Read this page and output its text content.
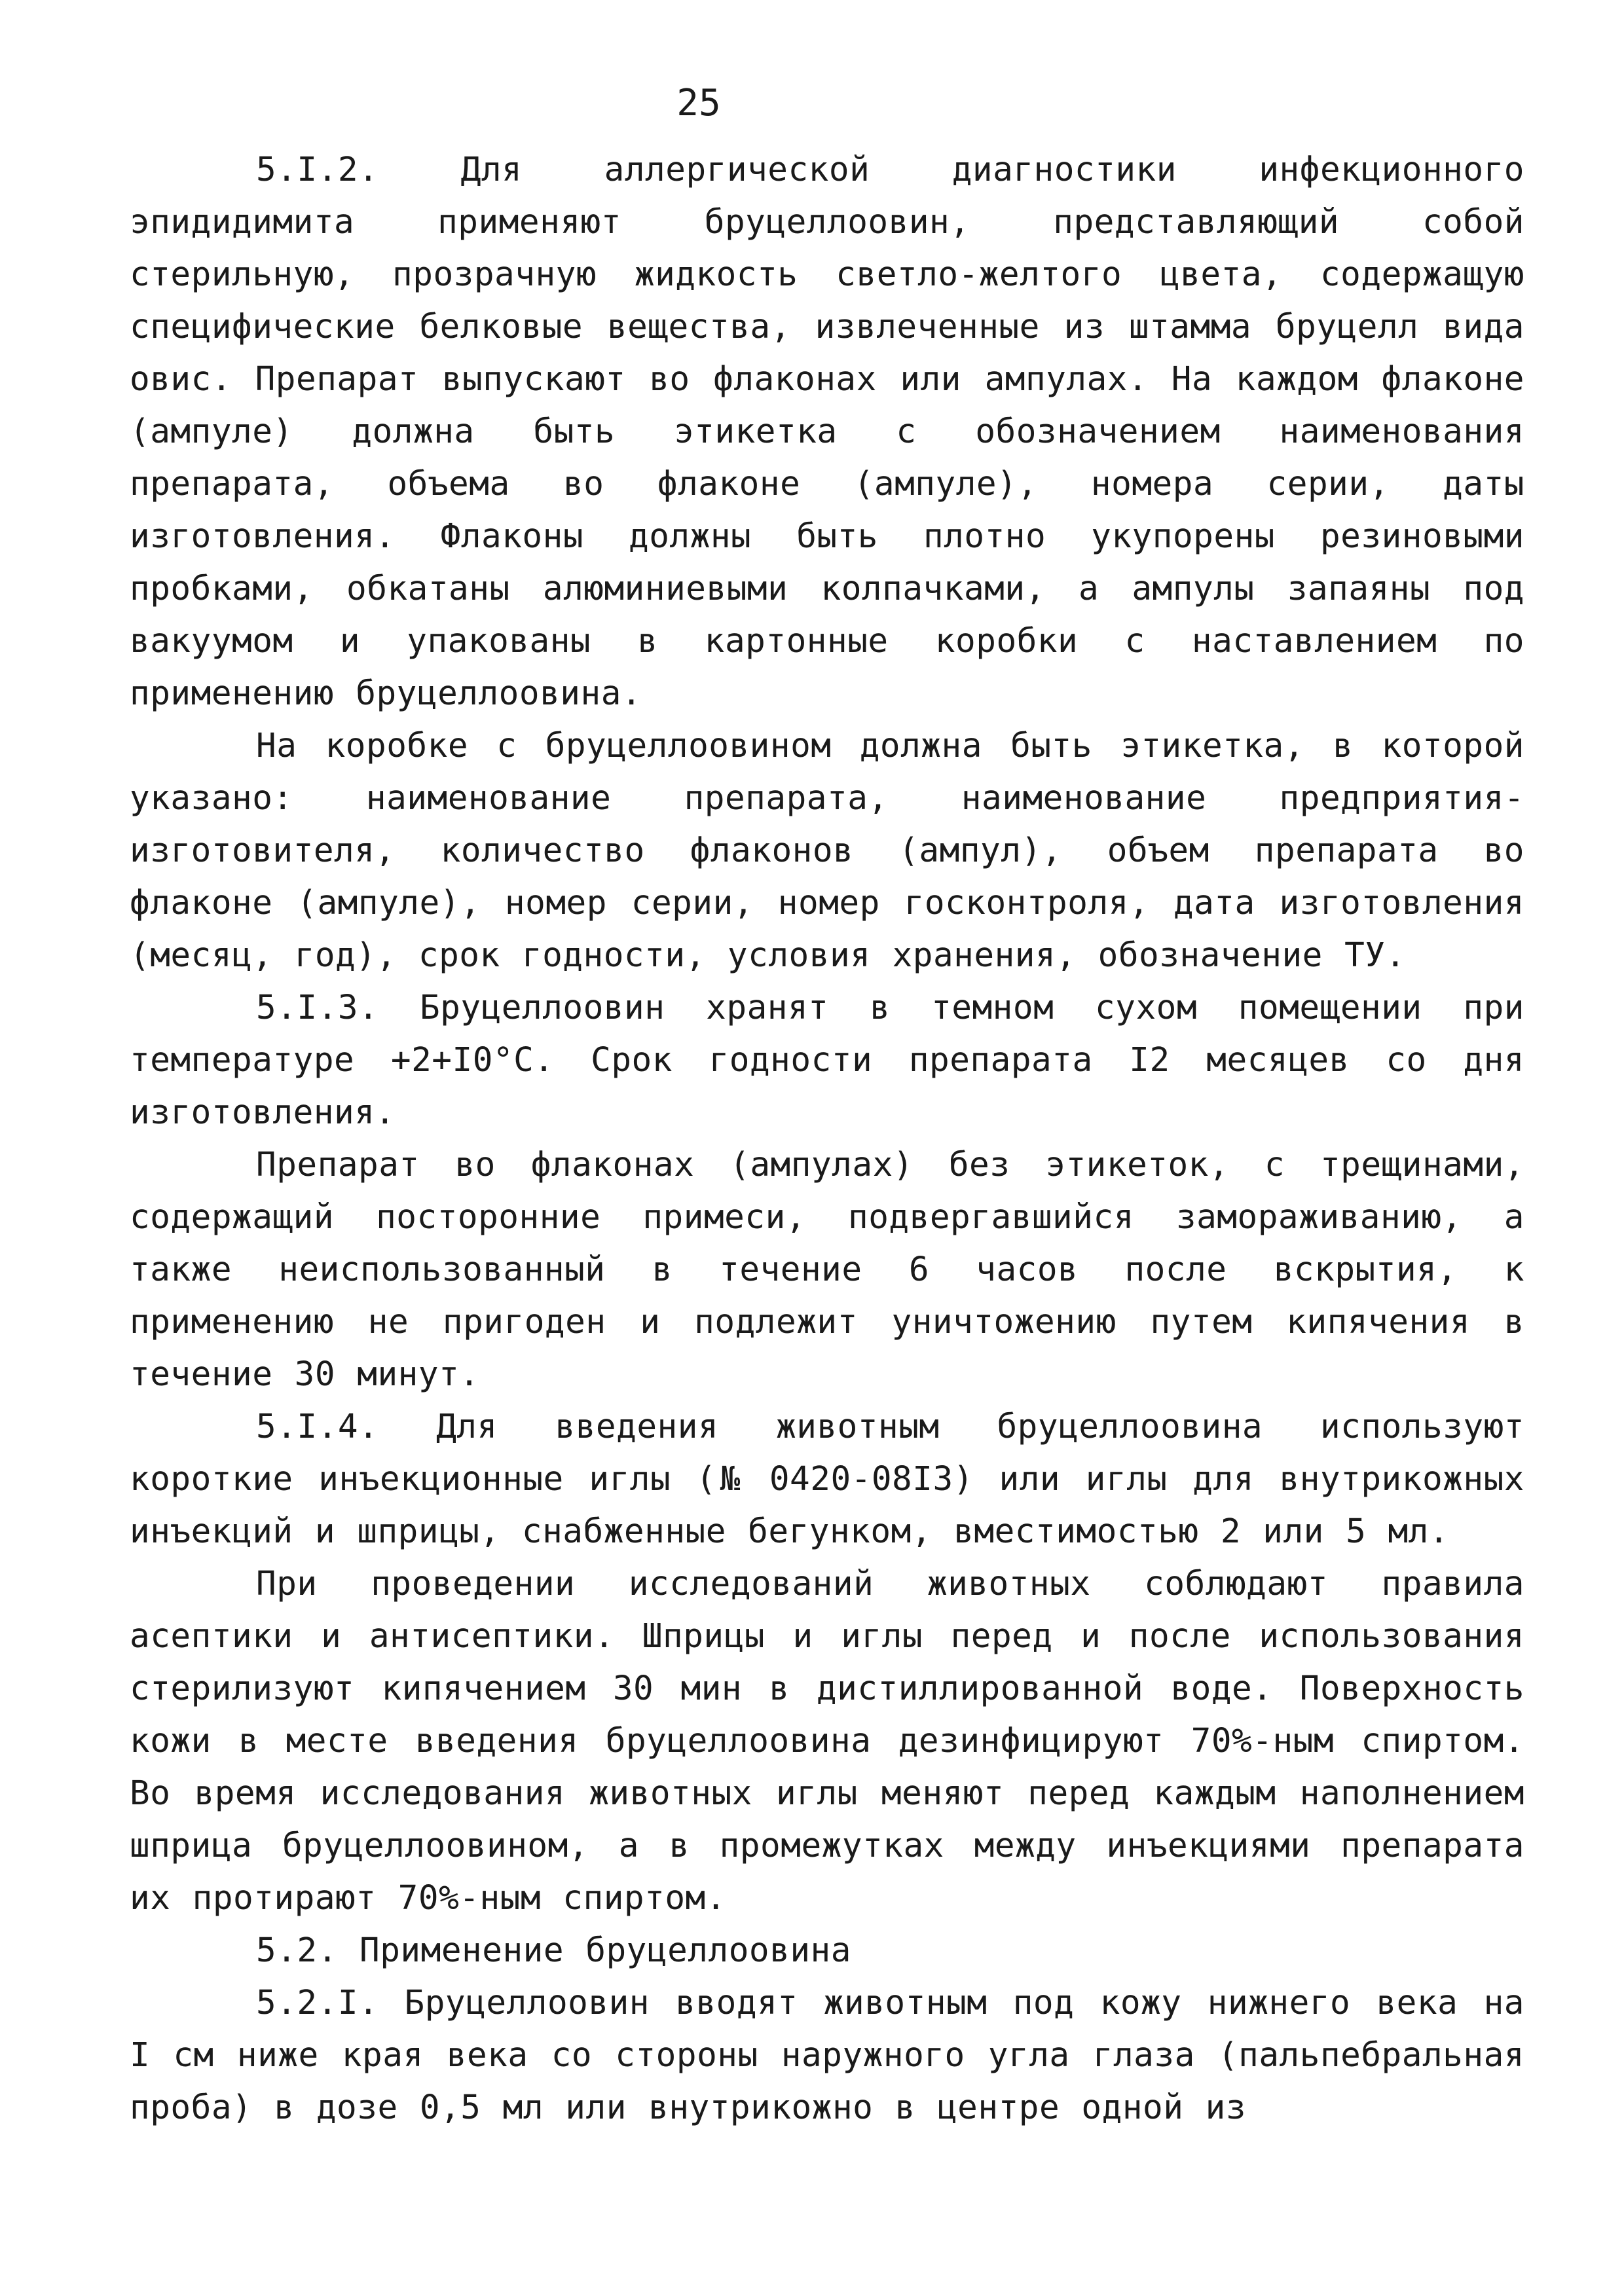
25

5.I.2. Для аллергической диагностики инфекционного эпидидимита применяют бруцеллоовин, представляющий собой стерильную, прозрачную жидкость светло-желтого цвета, содержащую специфические белковые вещества, извлеченные из штамма бруцелл вида овис. Препарат выпускают во флаконах или ампулах. На каждом флаконе (ампуле) должна быть этикетка с обозначением наименования препарата, объема во флаконе (ампуле), номера серии, даты изготовления. Флаконы должны быть плотно укупорены резиновыми пробками, обкатаны алюминиевыми колпачками, а ампулы запаяны под вакуумом и упакованы в картонные коробки с наставлением по применению бруцеллоовина.

На коробке с бруцеллоовином должна быть этикетка, в которой указано: наименование препарата, наименование предприятия-изготовителя, количество флаконов (ампул), объем препарата во флаконе (ампуле), номер серии, номер госконтроля, дата изготовления (месяц, год), срок годности, условия хранения, обозначение ТУ.

5.I.3. Бруцеллоовин хранят в темном сухом помещении при температуре +2+I0°С. Срок годности препарата I2 месяцев со дня изготовления.

Препарат во флаконах (ампулах) без этикеток, с трещинами, содержащий посторонние примеси, подвергавшийся замораживанию, а также неиспользованный в течение 6 часов после вскрытия, к применению не пригоден и подлежит уничтожению путем кипячения в течение 30 минут.

5.I.4. Для введения животным бруцеллоовина используют короткие инъекционные иглы (№ 0420-08I3) или иглы для внутрикожных инъекций и шприцы, снабженные бегунком, вместимостью 2 или 5 мл.

При проведении исследований животных соблюдают правила асептики и антисептики. Шприцы и иглы перед и после использования стерилизуют кипячением 30 мин в дистиллированной воде. Поверхность кожи в месте введения бруцеллоовина дезинфицируют 70%-ным спиртом. Во время исследования животных иглы меняют перед каждым наполнением шприца бруцеллоовином, а в промежутках между инъекциями препарата их протирают 70%-ным спиртом.

5.2. Применение бруцеллоовина

5.2.I. Бруцеллоовин вводят животным под кожу нижнего века на I см ниже края века со стороны наружного угла глаза (пальпебральная проба) в дозе 0,5 мл или внутрикожно в центре одной из
